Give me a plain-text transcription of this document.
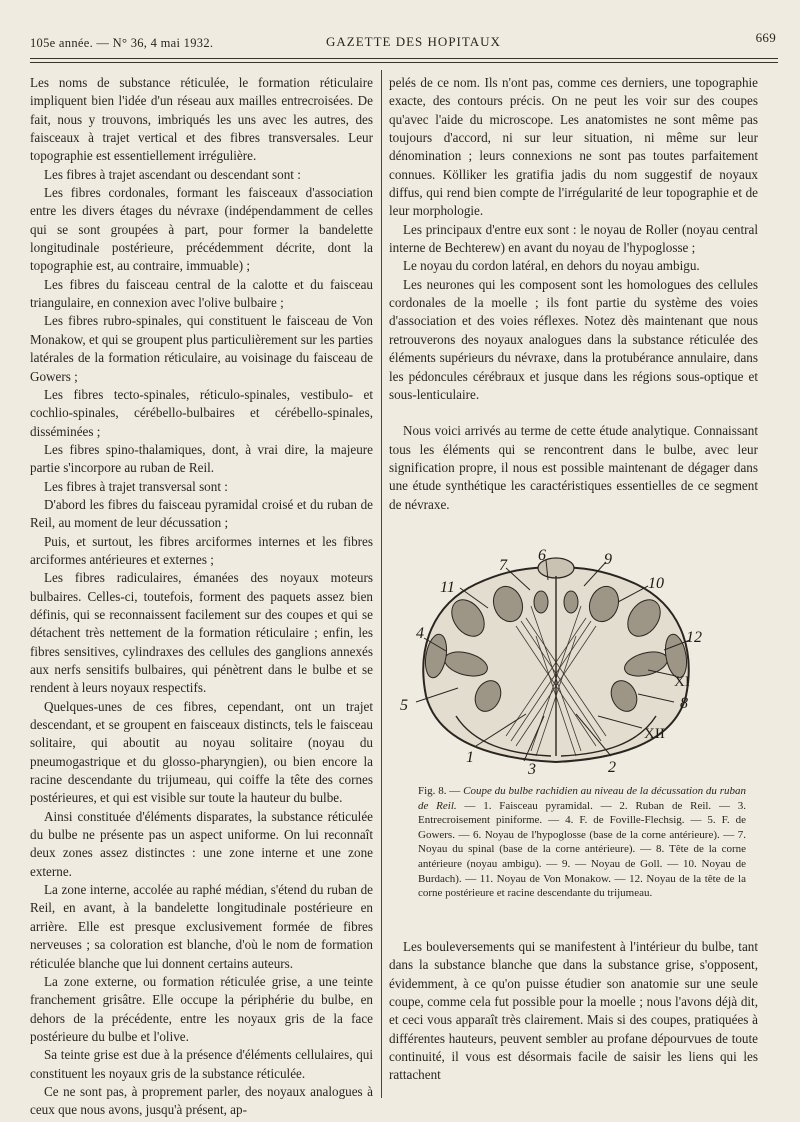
105e année. — N° 36, 4 mai 1932.	GAZETTE DES HOPITAUX	669

Les noms de substance réticulée, le formation réticulaire impliquent bien l'idée d'un réseau aux mailles entrecroisées. De fait, nous y trouvons, imbriqués les uns avec les autres, des faisceaux à trajet vertical et des fibres transversales. Leur topographie est essentiellement irrégulière.

Les fibres à trajet ascendant ou descendant sont :

Les fibres cordonales, formant les faisceaux d'association entre les divers étages du névraxe (indépendamment de celles qui se sont groupées à part, pour former la bandelette longitudinale postérieure, précédemment décrite, dont la topographie est, au contraire, immuable) ;

Les fibres du faisceau central de la calotte et du faisceau triangulaire, en connexion avec l'olive bulbaire ;

Les fibres rubro-spinales, qui constituent le faisceau de Von Monakow, et qui se groupent plus particulièrement sur les parties latérales de la formation réticulaire, au voisinage du faisceau de Gowers ;

Les fibres tecto-spinales, réticulo-spinales, vestibulo- et cochlio-spinales, cérébello-bulbaires et cérébello-spinales, disséminées ;

Les fibres spino-thalamiques, dont, à vrai dire, la majeure partie s'incorpore au ruban de Reil.

Les fibres à trajet transversal sont :

D'abord les fibres du faisceau pyramidal croisé et du ruban de Reil, au moment de leur décussation ;

Puis, et surtout, les fibres arciformes internes et les fibres arciformes antérieures et externes ;

Les fibres radiculaires, émanées des noyaux moteurs bulbaires. Celles-ci, toutefois, forment des paquets assez bien définis, qui se reconnaissent facilement sur des coupes et qui se détachent très nettement de la formation réticulaire ; enfin, les fibres sensitives, cylindraxes des cellules des ganglions annexés aux nerfs sensitifs bulbaires, qui pénètrent dans le bulbe et se rendent à leurs noyaux respectifs.

Quelques-unes de ces fibres, cependant, ont un trajet descendant, et se groupent en faisceaux distincts, tels le faisceau solitaire, qui aboutit au noyau solitaire (noyau du pneumogastrique et du glosso-pharyngien), ou bien encore la racine descendante du trijumeau, qui coiffe la tête des cornes postérieures, et qui est visible sur toute la hauteur du bulbe.

Ainsi constituée d'éléments disparates, la substance réticulée du bulbe ne présente pas un aspect uniforme. On lui reconnaît deux zones assez distinctes : une zone interne et une zone externe.

La zone interne, accolée au raphé médian, s'étend du ruban de Reil, en avant, à la bandelette longitudinale postérieure en arrière. Elle est presque exclusivement formée de fibres nerveuses ; sa coloration est blanche, d'où le nom de formation réticulée blanche que lui donnent certains auteurs.

La zone externe, ou formation réticulée grise, a une teinte franchement grisâtre. Elle occupe la périphérie du bulbe, en dehors de la précédente, entre les noyaux gris de la face postérieure du bulbe et l'olive.

Sa teinte grise est due à la présence d'éléments cellulaires, qui constituent les noyaux gris de la substance réticulée.

Ce ne sont pas, à proprement parler, des noyaux analogues à ceux que nous avons, jusqu'à présent, ap-

pelés de ce nom. Ils n'ont pas, comme ces derniers, une topographie exacte, des contours précis. On ne peut les voir sur des coupes qu'avec l'aide du microscope. Les anatomistes ne sont même pas toujours d'accord, ni sur leur situation, ni même sur leur dénomination ; leurs connexions ne sont pas toutes parfaitement connues. Kölliker les gratifia jadis du nom suggestif de noyaux diffus, qui rend bien compte de l'irrégularité de leur topographie et de leur morphologie.

Les principaux d'entre eux sont : le noyau de Roller (noyau central interne de Bechterew) en avant du noyau de l'hypoglosse ;

Le noyau du cordon latéral, en dehors du noyau ambigu.

Les neurones qui les composent sont les homologues des cellules cordonales de la moelle ; ils font partie du système des voies d'association et des voies réflexes. Notez dès maintenant que nous retrouverons des noyaux analogues dans la substance réticulée des éléments supérieurs du névraxe, dans la protubérance annulaire, dans les pédoncules cérébraux et jusque dans les régions sous-optique et sous-lenticulaire.

Nous voici arrivés au terme de cette étude analytique. Connaissant tous les éléments qui se rencontrent dans le bulbe, avec leur signification propre, il nous est possible maintenant de dégager dans une étude synthétique les caractéristiques essentielles de ce segment de névraxe.

1
2
3
4
5
6
7
8
9
10
11
12
XI
XII

Fig. 8. — Coupe du bulbe rachidien au niveau de la décussation du ruban de Reil. — 1. Faisceau pyramidal. — 2. Ruban de Reil. — 3. Entrecroisement piniforme. — 4. F. de Foville-Flechsig. — 5. F. de Gowers. — 6. Noyau de l'hypoglosse (base de la corne antérieure). — 7. Noyau du spinal (base de la corne antérieure). — 8. Tête de la corne antérieure (noyau ambigu). — 9. — Noyau de Goll. — 10. Noyau de Burdach). — 11. Noyau de Von Monakow. — 12. Noyau de la tête de la corne postérieure et racine descendante du trijumeau.

Les bouleversements qui se manifestent à l'intérieur du bulbe, tant dans la substance blanche que dans la substance grise, s'opposent, évidemment, à ce qu'on puisse étudier son anatomie sur une seule coupe, comme cela fut possible pour la moelle ; nous l'avons déjà dit, et ceci vous apparaît très clairement. Mais si des coupes, pratiquées à différentes hauteurs, peuvent sembler au profane dépourvues de toute continuité, il vous est désormais facile de saisir les liens qui les rattachent
